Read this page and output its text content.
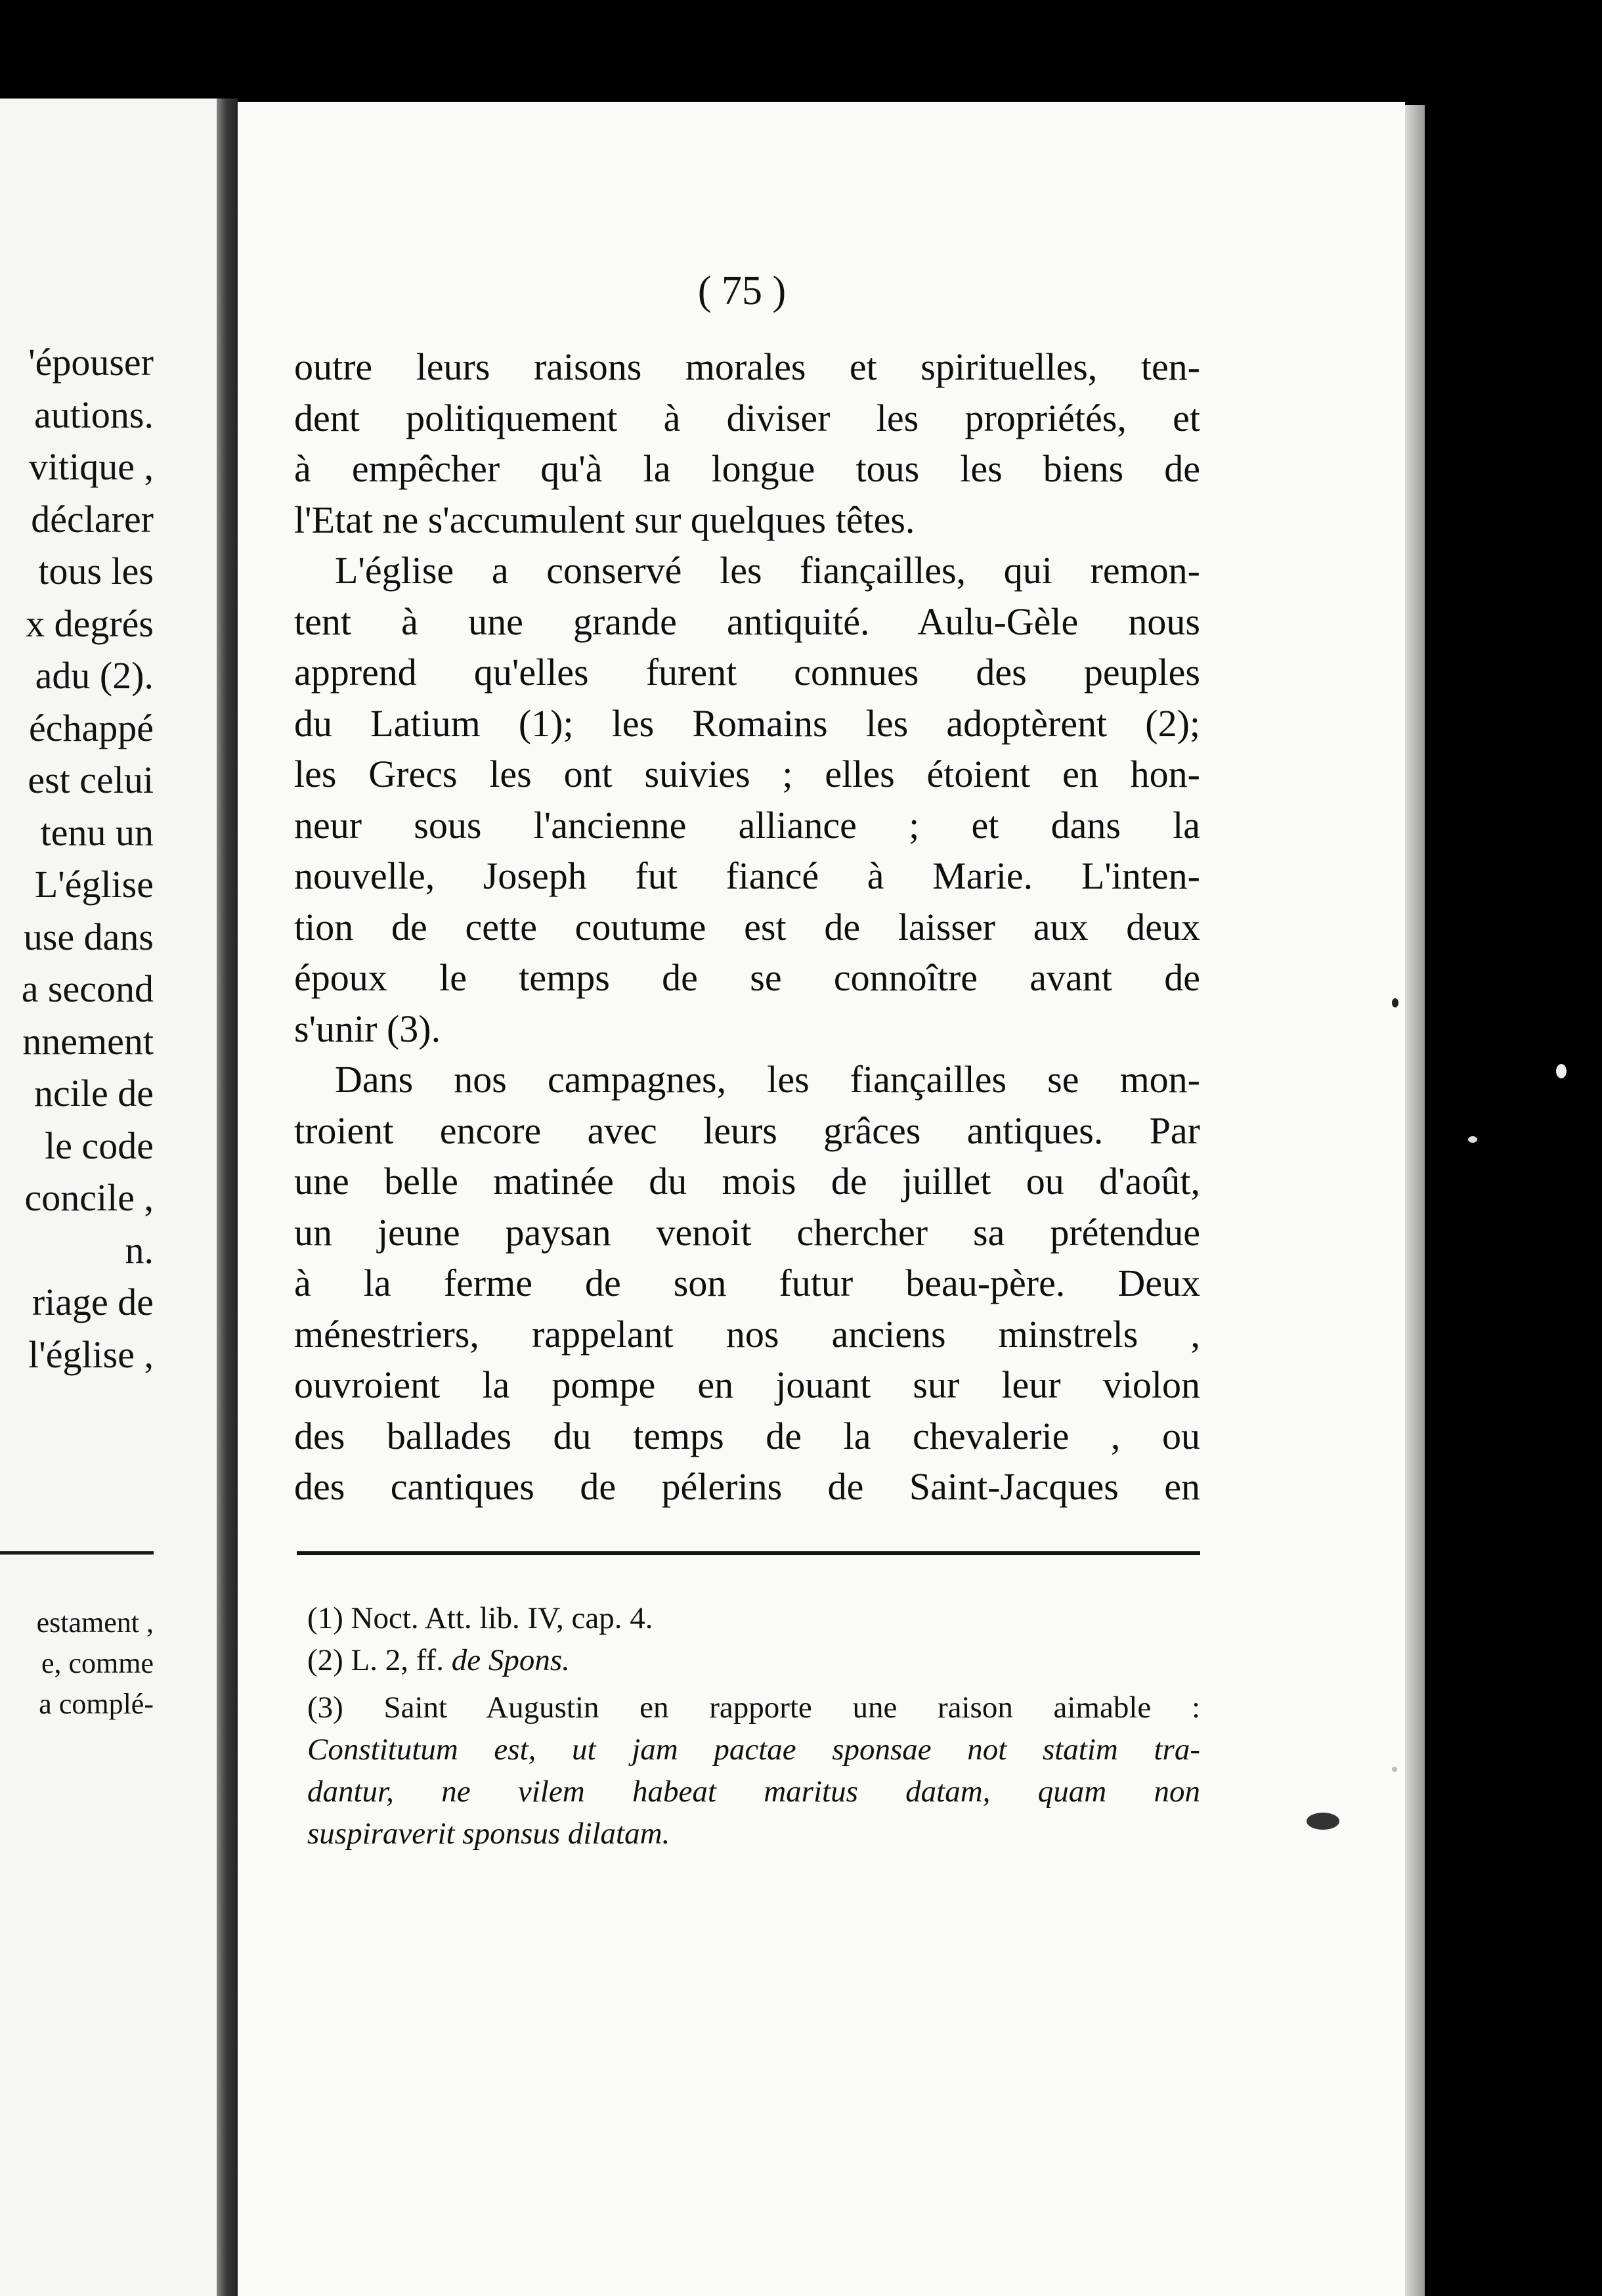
'épouser
autions.
vitique ,
déclarer
tous les
x degrés
adu (2).
échappé
est celui
tenu un
L'église
use dans
a second
nnement
ncile de
le code
concile ,
n.
riage de
l'église ,
estament ,
e, comme
a complé-
( 75 )
outre leurs raisons morales et spirituelles, ten-
dent politiquement à diviser les propriétés, et
à empêcher qu'à la longue tous les biens de
l'Etat ne s'accumulent sur quelques têtes.
L'église a conservé les fiançailles, qui remon-
tent à une grande antiquité. Aulu-Gèle nous
apprend qu'elles furent connues des peuples
du Latium (1); les Romains les adoptèrent (2);
les Grecs les ont suivies ; elles étoient en hon-
neur sous l'ancienne alliance ; et dans la
nouvelle, Joseph fut fiancé à Marie. L'inten-
tion de cette coutume est de laisser aux deux
époux le temps de se connoître avant de
s'unir (3).
Dans nos campagnes, les fiançailles se mon-
troient encore avec leurs grâces antiques. Par
une belle matinée du mois de juillet ou d'août,
un jeune paysan venoit chercher sa prétendue
à la ferme de son futur beau-père. Deux
ménestriers, rappelant nos anciens minstrels ,
ouvroient la pompe en jouant sur leur violon
des ballades du temps de la chevalerie , ou
des cantiques de pélerins de Saint-Jacques en
(1) Noct. Att. lib. IV, cap. 4.
(2) L. 2, ff. de Spons.
(3) Saint Augustin en rapporte une raison aimable :
Constitutum est, ut jam pactae sponsae not statim tra-
dantur, ne vilem habeat maritus datam, quam non
suspiraverit sponsus dilatam.
